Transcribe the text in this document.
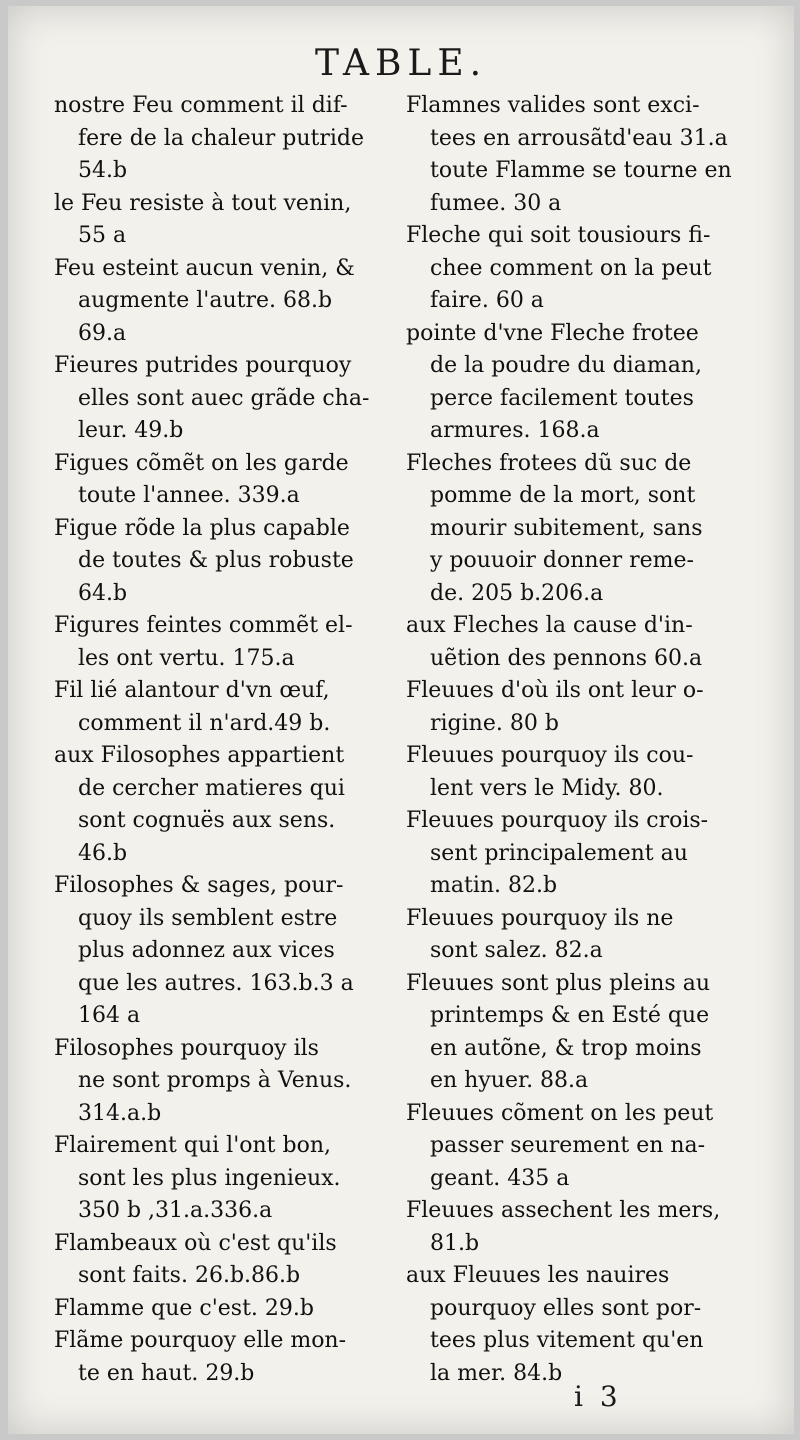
TABLE.
nostre Feu comment il dif-
fere de la chaleur putride
54.b
le Feu resiste à tout venin,
55 a
Feu esteint aucun venin, &
augmente l'autre. 68.b
69.a
Fieures putrides pourquoy
elles sont auec grãde cha-
leur. 49.b
Figues cõmẽt on les garde
toute l'annee. 339.a
Figue rõde la plus capable
de toutes & plus robuste
64.b
Figures feintes commẽt el-
les ont vertu. 175.a
Fil lié alantour d'vn œuf,
comment il n'ard.49 b.
aux Filosophes appartient
de cercher matieres qui
sont cognuës aux sens.
46.b
Filosophes & sages, pour-
quoy ils semblent estre
plus adonnez aux vices
que les autres. 163.b.3 a
164 a
Filosophes pourquoy ils
ne sont promps à Venus.
314.a.b
Flairement qui l'ont bon,
sont les plus ingenieux.
350 b ,31.a.336.a
Flambeaux où c'est qu'ils
sont faits. 26.b.86.b
Flamme que c'est. 29.b
Flãme pourquoy elle mon-
te en haut. 29.b
Flamnes valides sont exci-
tees en arrousãtd'eau 31.a
toute Flamme se tourne en
fumee. 30 a
Fleche qui soit tousiours fi-
chee comment on la peut
faire. 60 a
pointe d'vne Fleche frotee
de la poudre du diaman,
perce facilement toutes
armures. 168.a
Fleches frotees dũ suc de
pomme de la mort, sont
mourir subitement, sans
y pouuoir donner reme-
de. 205 b.206.a
aux Fleches la cause d'in-
uẽtion des pennons 60.a
Fleuues d'où ils ont leur o-
rigine. 80 b
Fleuues pourquoy ils cou-
lent vers le Midy. 80.
Fleuues pourquoy ils crois-
sent principalement au
matin. 82.b
Fleuues pourquoy ils ne
sont salez. 82.a
Fleuues sont plus pleins au
printemps & en Esté que
en autõne, & trop moins
en hyuer. 88.a
Fleuues cõment on les peut
passer seurement en na-
geant. 435 a
Fleuues assechent les mers,
81.b
aux Fleuues les nauires
pourquoy elles sont por-
tees plus vitement qu'en
la mer. 84.b
i 3
